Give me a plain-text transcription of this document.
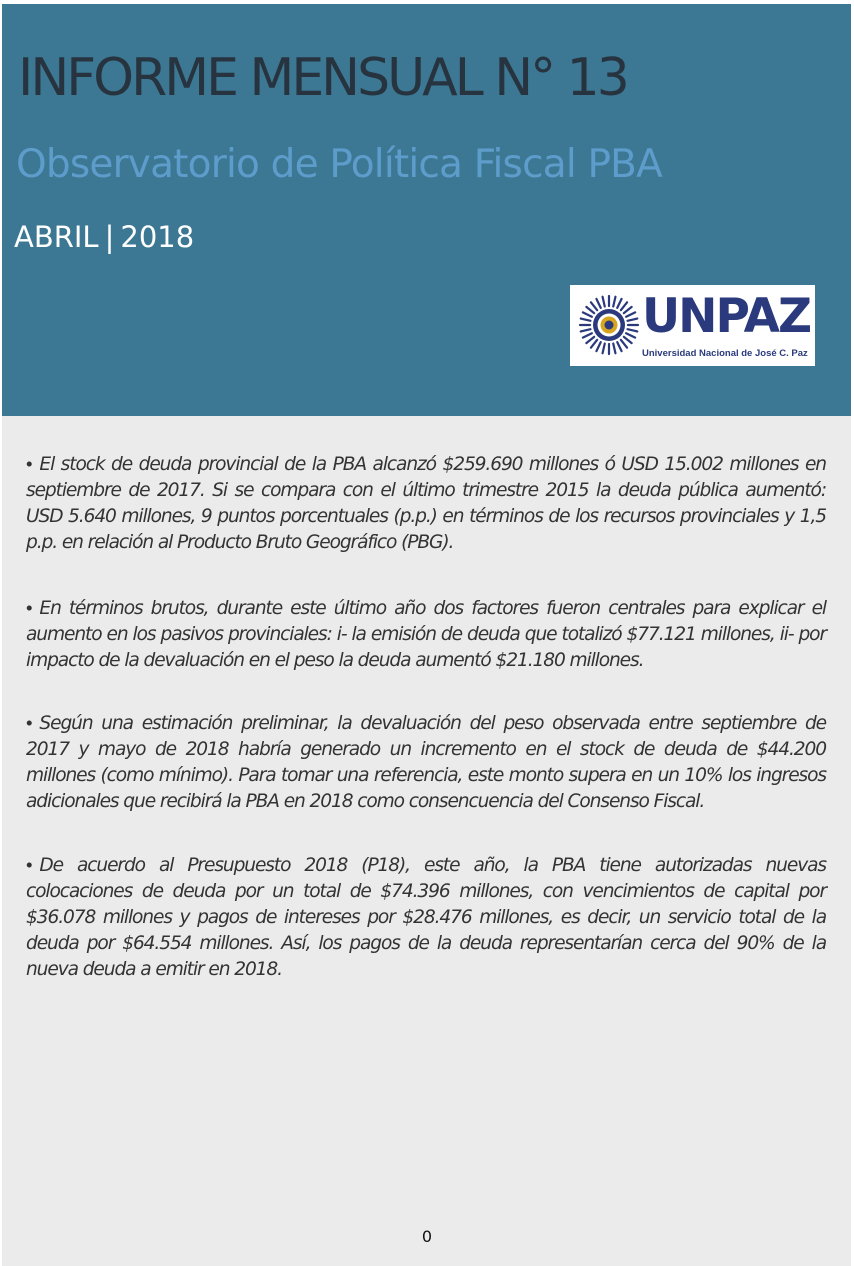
INFORME MENSUAL N° 13
Observatorio de Política Fiscal PBA
ABRIL | 2018
UNPAZ
Universidad Nacional de José C. Paz

• El stock de deuda provincial de la PBA alcanzó $259.690 millones ó USD 15.002 millones en septiembre de 2017. Si se compara con el último trimestre 2015 la deuda pública aumentó: USD 5.640 millones, 9 puntos porcentuales (p.p.) en términos de los recursos provinciales y 1,5 p.p. en relación al Producto Bruto Geográfico (PBG).

• En términos brutos, durante este último año dos factores fueron centrales para explicar el aumento en los pasivos provinciales: i- la emisión de deuda que totalizó $77.121 millones, ii- por impacto de la devaluación en el peso la deuda aumentó $21.180 millones.

• Según una estimación preliminar, la devaluación del peso observada entre septiembre de 2017 y mayo de 2018 habría generado un incremento en el stock de deuda de $44.200 millones (como mínimo). Para tomar una referencia, este monto supera en un 10% los ingresos adicionales que recibirá la PBA en 2018 como consencuencia del Consenso Fiscal.

• De acuerdo al Presupuesto 2018 (P18), este año, la PBA tiene autorizadas nuevas colocaciones de deuda por un total de $74.396 millones, con vencimientos de capital por $36.078 millones y pagos de intereses por $28.476 millones, es decir, un servicio total de la deuda por $64.554 millones. Así, los pagos de la deuda representarían cerca del 90% de la nueva deuda a emitir en 2018.

0
